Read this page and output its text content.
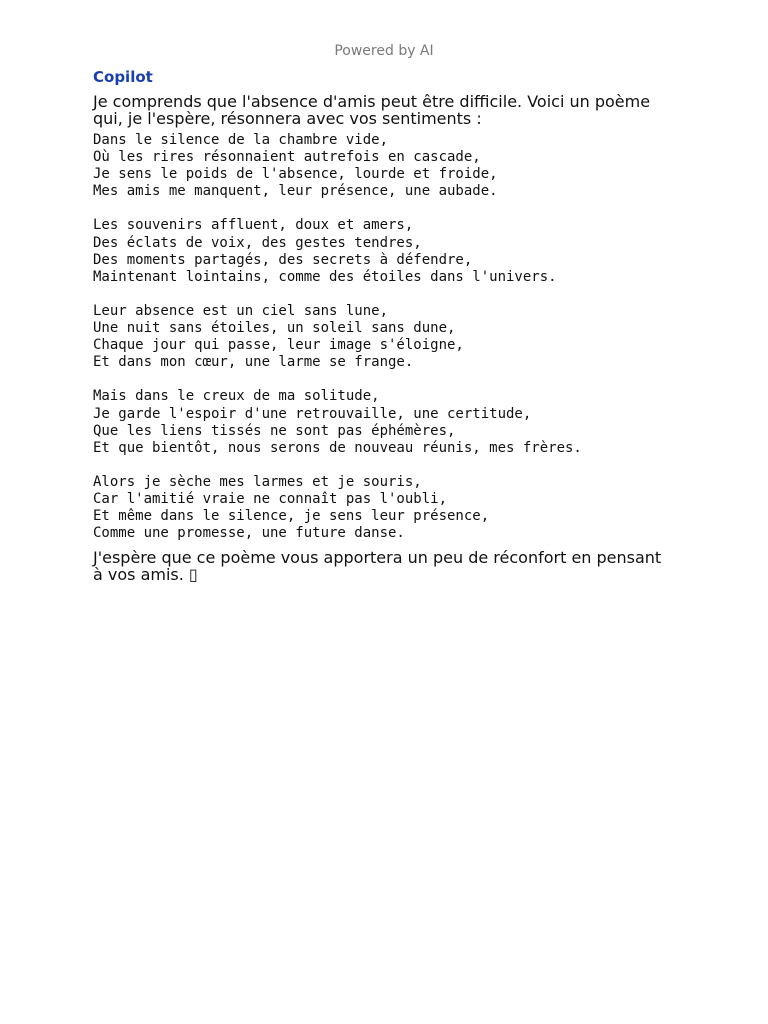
Powered by AI
Copilot
Je comprends que l'absence d'amis peut être difficile. Voici un poème qui, je l'espère, résonnera avec vos sentiments :
Dans le silence de la chambre vide,
Où les rires résonnaient autrefois en cascade,
Je sens le poids de l'absence, lourde et froide,
Mes amis me manquent, leur présence, une aubade.
Les souvenirs affluent, doux et amers,
Des éclats de voix, des gestes tendres,
Des moments partagés, des secrets à défendre,
Maintenant lointains, comme des étoiles dans l'univers.
Leur absence est un ciel sans lune,
Une nuit sans étoiles, un soleil sans dune,
Chaque jour qui passe, leur image s'éloigne,
Et dans mon cœur, une larme se frange.
Mais dans le creux de ma solitude,
Je garde l'espoir d'une retrouvaille, une certitude,
Que les liens tissés ne sont pas éphémères,
Et que bientôt, nous serons de nouveau réunis, mes frères.
Alors je sèche mes larmes et je souris,
Car l'amitié vraie ne connaît pas l'oubli,
Et même dans le silence, je sens leur présence,
Comme une promesse, une future danse.
J'espère que ce poème vous apportera un peu de réconfort en pensant à vos amis. ▯
